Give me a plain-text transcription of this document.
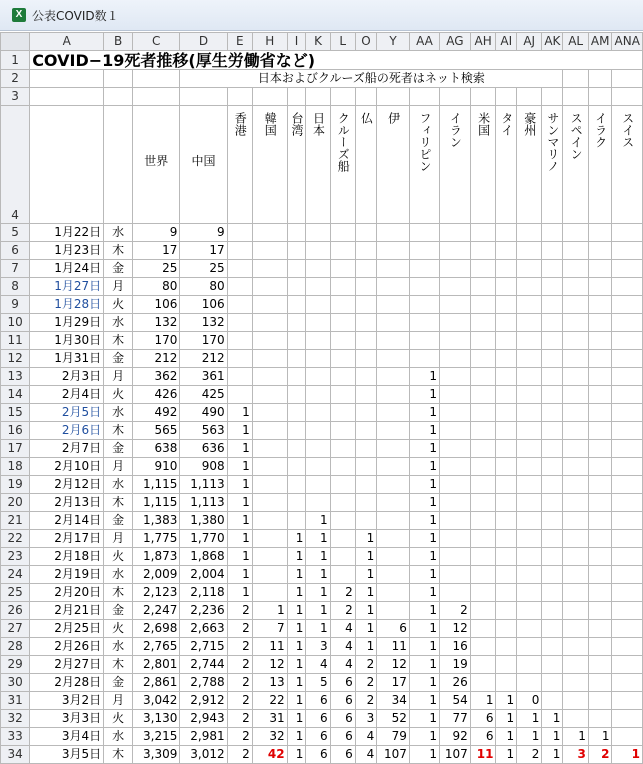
X 公表COVID数１
	A	B	C	D	E	H	I	K	L	O	Y	AA	AG	AH	AI	AJ	AK	AL	AM	ANA
1	COVID−19死者推移(厚生労働省など)																			
2				日本およびクルーズ船の死者はネット検索																
3																				
4			世界	中国	香港	韓国	台湾	日本	クルーズ船	仏	伊	フィリピン	イラン	米国	タイ	豪州	サンマリノ	スペイン	イラク	スイス

5	1月22日	水	9	9																
6	1月23日	木	17	17																
7	1月24日	金	25	25																
8	1月27日	月	80	80																
9	1月28日	火	106	106																
10	1月29日	水	132	132																
11	1月30日	木	170	170																
12	1月31日	金	212	212																
13	2月3日	月	362	361								1								
14	2月4日	火	426	425								1								
15	2月5日	水	492	490	1							1								
16	2月6日	木	565	563	1							1								
17	2月7日	金	638	636	1							1								
18	2月10日	月	910	908	1							1								
19	2月12日	水	1,115	1,113	1							1								
20	2月13日	木	1,115	1,113	1							1								
21	2月14日	金	1,383	1,380	1			1				1								
22	2月17日	月	1,775	1,770	1		1	1		1		1								
23	2月18日	火	1,873	1,868	1		1	1		1		1								
24	2月19日	水	2,009	2,004	1		1	1		1		1								
25	2月20日	木	2,123	2,118	1		1	1	2	1		1								
26	2月21日	金	2,247	2,236	2	1	1	1	2	1		1	2							
27	2月25日	火	2,698	2,663	2	7	1	1	4	1	6	1	12							
28	2月26日	水	2,765	2,715	2	11	1	3	4	1	11	1	16							
29	2月27日	木	2,801	2,744	2	12	1	4	4	2	12	1	19							
30	2月28日	金	2,861	2,788	2	13	1	5	6	2	17	1	26							
31	3月2日	月	3,042	2,912	2	22	1	6	6	2	34	1	54	1	1	0				
32	3月3日	火	3,130	2,943	2	31	1	6	6	3	52	1	77	6	1	1	1			
33	3月4日	水	3,215	2,981	2	32	1	6	6	4	79	1	92	6	1	1	1	1	1	
34	3月5日	木	3,309	3,012	2	42	1	6	6	4	107	1	107	11	1	2	1	3	2	1
